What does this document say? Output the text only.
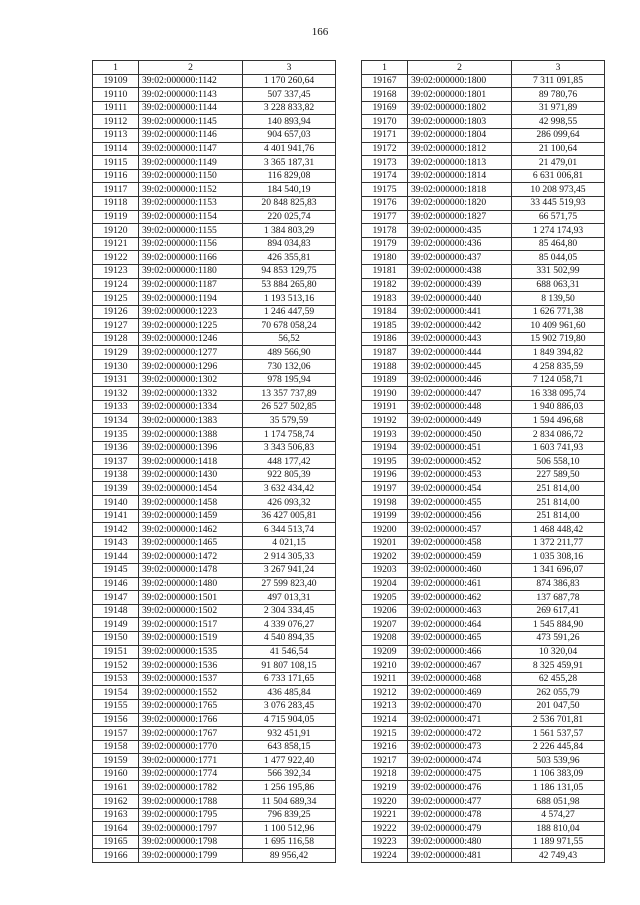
166
1	2	3
19109	39:02:000000:1142	1 170 260,64
19110	39:02:000000:1143	507 337,45
19111	39:02:000000:1144	3 228 833,82
19112	39:02:000000:1145	140 893,94
19113	39:02:000000:1146	904 657,03
19114	39:02:000000:1147	4 401 941,76
19115	39:02:000000:1149	3 365 187,31
19116	39:02:000000:1150	116 829,08
19117	39:02:000000:1152	184 540,19
19118	39:02:000000:1153	20 848 825,83
19119	39:02:000000:1154	220 025,74
19120	39:02:000000:1155	1 384 803,29
19121	39:02:000000:1156	894 034,83
19122	39:02:000000:1166	426 355,81
19123	39:02:000000:1180	94 853 129,75
19124	39:02:000000:1187	53 884 265,80
19125	39:02:000000:1194	1 193 513,16
19126	39:02:000000:1223	1 246 447,59
19127	39:02:000000:1225	70 678 058,24
19128	39:02:000000:1246	56,52
19129	39:02:000000:1277	489 566,90
19130	39:02:000000:1296	730 132,06
19131	39:02:000000:1302	978 195,94
19132	39:02:000000:1332	13 357 737,89
19133	39:02:000000:1334	26 527 502,85
19134	39:02:000000:1383	35 579,59
19135	39:02:000000:1388	1 174 758,74
19136	39:02:000000:1396	3 343 506,83
19137	39:02:000000:1418	448 177,42
19138	39:02:000000:1430	922 805,39
19139	39:02:000000:1454	3 632 434,42
19140	39:02:000000:1458	426 093,32
19141	39:02:000000:1459	36 427 005,81
19142	39:02:000000:1462	6 344 513,74
19143	39:02:000000:1465	4 021,15
19144	39:02:000000:1472	2 914 305,33
19145	39:02:000000:1478	3 267 941,24
19146	39:02:000000:1480	27 599 823,40
19147	39:02:000000:1501	497 013,31
19148	39:02:000000:1502	2 304 334,45
19149	39:02:000000:1517	4 339 076,27
19150	39:02:000000:1519	4 540 894,35
19151	39:02:000000:1535	41 546,54
19152	39:02:000000:1536	91 807 108,15
19153	39:02:000000:1537	6 733 171,65
19154	39:02:000000:1552	436 485,84
19155	39:02:000000:1765	3 076 283,45
19156	39:02:000000:1766	4 715 904,05
19157	39:02:000000:1767	932 451,91
19158	39:02:000000:1770	643 858,15
19159	39:02:000000:1771	1 477 922,40
19160	39:02:000000:1774	566 392,34
19161	39:02:000000:1782	1 256 195,86
19162	39:02:000000:1788	11 504 689,34
19163	39:02:000000:1795	796 839,25
19164	39:02:000000:1797	1 100 512,96
19165	39:02:000000:1798	1 695 116,58
19166	39:02:000000:1799	89 956,42
1	2	3
19167	39:02:000000:1800	7 311 091,85
19168	39:02:000000:1801	89 780,76
19169	39:02:000000:1802	31 971,89
19170	39:02:000000:1803	42 998,55
19171	39:02:000000:1804	286 099,64
19172	39:02:000000:1812	21 100,64
19173	39:02:000000:1813	21 479,01
19174	39:02:000000:1814	6 631 006,81
19175	39:02:000000:1818	10 208 973,45
19176	39:02:000000:1820	33 445 519,93
19177	39:02:000000:1827	66 571,75
19178	39:02:000000:435	1 274 174,93
19179	39:02:000000:436	85 464,80
19180	39:02:000000:437	85 044,05
19181	39:02:000000:438	331 502,99
19182	39:02:000000:439	688 063,31
19183	39:02:000000:440	8 139,50
19184	39:02:000000:441	1 626 771,38
19185	39:02:000000:442	10 409 961,60
19186	39:02:000000:443	15 902 719,80
19187	39:02:000000:444	1 849 394,82
19188	39:02:000000:445	4 258 835,59
19189	39:02:000000:446	7 124 058,71
19190	39:02:000000:447	16 338 095,74
19191	39:02:000000:448	1 940 886,03
19192	39:02:000000:449	1 594 496,68
19193	39:02:000000:450	2 834 086,72
19194	39:02:000000:451	1 603 741,93
19195	39:02:000000:452	506 558,10
19196	39:02:000000:453	227 589,50
19197	39:02:000000:454	251 814,00
19198	39:02:000000:455	251 814,00
19199	39:02:000000:456	251 814,00
19200	39:02:000000:457	1 468 448,42
19201	39:02:000000:458	1 372 211,77
19202	39:02:000000:459	1 035 308,16
19203	39:02:000000:460	1 341 696,07
19204	39:02:000000:461	874 386,83
19205	39:02:000000:462	137 687,78
19206	39:02:000000:463	269 617,41
19207	39:02:000000:464	1 545 884,90
19208	39:02:000000:465	473 591,26
19209	39:02:000000:466	10 320,04
19210	39:02:000000:467	8 325 459,91
19211	39:02:000000:468	62 455,28
19212	39:02:000000:469	262 055,79
19213	39:02:000000:470	201 047,50
19214	39:02:000000:471	2 536 701,81
19215	39:02:000000:472	1 561 537,57
19216	39:02:000000:473	2 226 445,84
19217	39:02:000000:474	503 539,96
19218	39:02:000000:475	1 106 383,09
19219	39:02:000000:476	1 186 131,05
19220	39:02:000000:477	688 051,98
19221	39:02:000000:478	4 574,27
19222	39:02:000000:479	188 810,04
19223	39:02:000000:480	1 189 971,55
19224	39:02:000000:481	42 749,43
